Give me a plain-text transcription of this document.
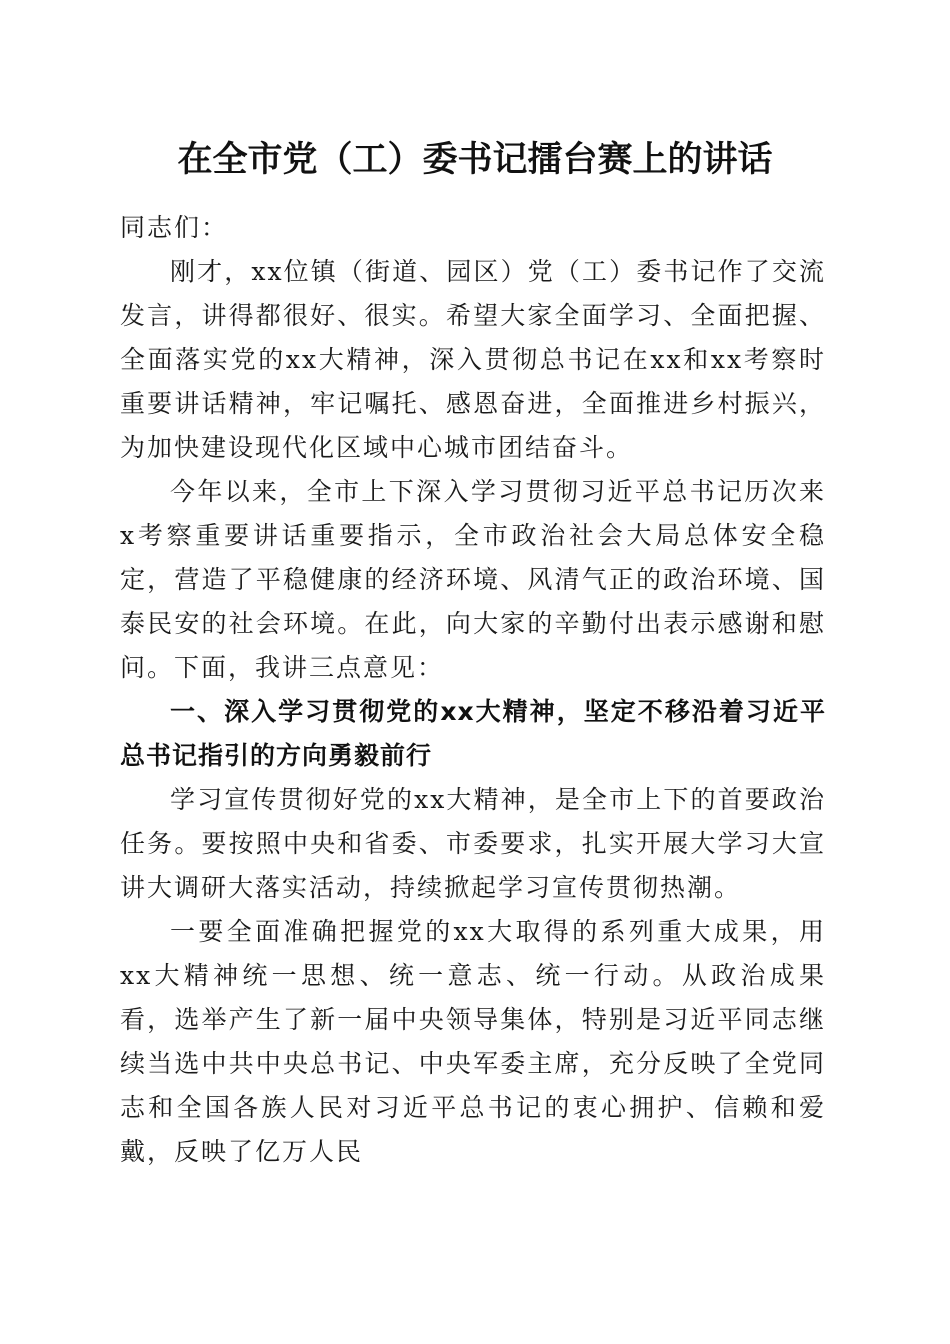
在全市党（工）委书记擂台赛上的讲话

同志们：

刚才，xx位镇（街道、园区）党（工）委书记作了交流发言，讲得都很好、很实。希望大家全面学习、全面把握、全面落实党的xx大精神，深入贯彻总书记在xx和xx考察时重要讲话精神，牢记嘱托、感恩奋进，全面推进乡村振兴，为加快建设现代化区域中心城市团结奋斗。

今年以来，全市上下深入学习贯彻习近平总书记历次来x考察重要讲话重要指示，全市政治社会大局总体安全稳定，营造了平稳健康的经济环境、风清气正的政治环境、国泰民安的社会环境。在此，向大家的辛勤付出表示感谢和慰问。下面，我讲三点意见：

一、深入学习贯彻党的xx大精神，坚定不移沿着习近平总书记指引的方向勇毅前行

学习宣传贯彻好党的xx大精神，是全市上下的首要政治任务。要按照中央和省委、市委要求，扎实开展大学习大宣讲大调研大落实活动，持续掀起学习宣传贯彻热潮。

一要全面准确把握党的xx大取得的系列重大成果，用xx大精神统一思想、统一意志、统一行动。从政治成果看，选举产生了新一届中央领导集体，特别是习近平同志继续当选中共中央总书记、中央军委主席，充分反映了全党同志和全国各族人民对习近平总书记的衷心拥护、信赖和爱戴，反映了亿万人民
